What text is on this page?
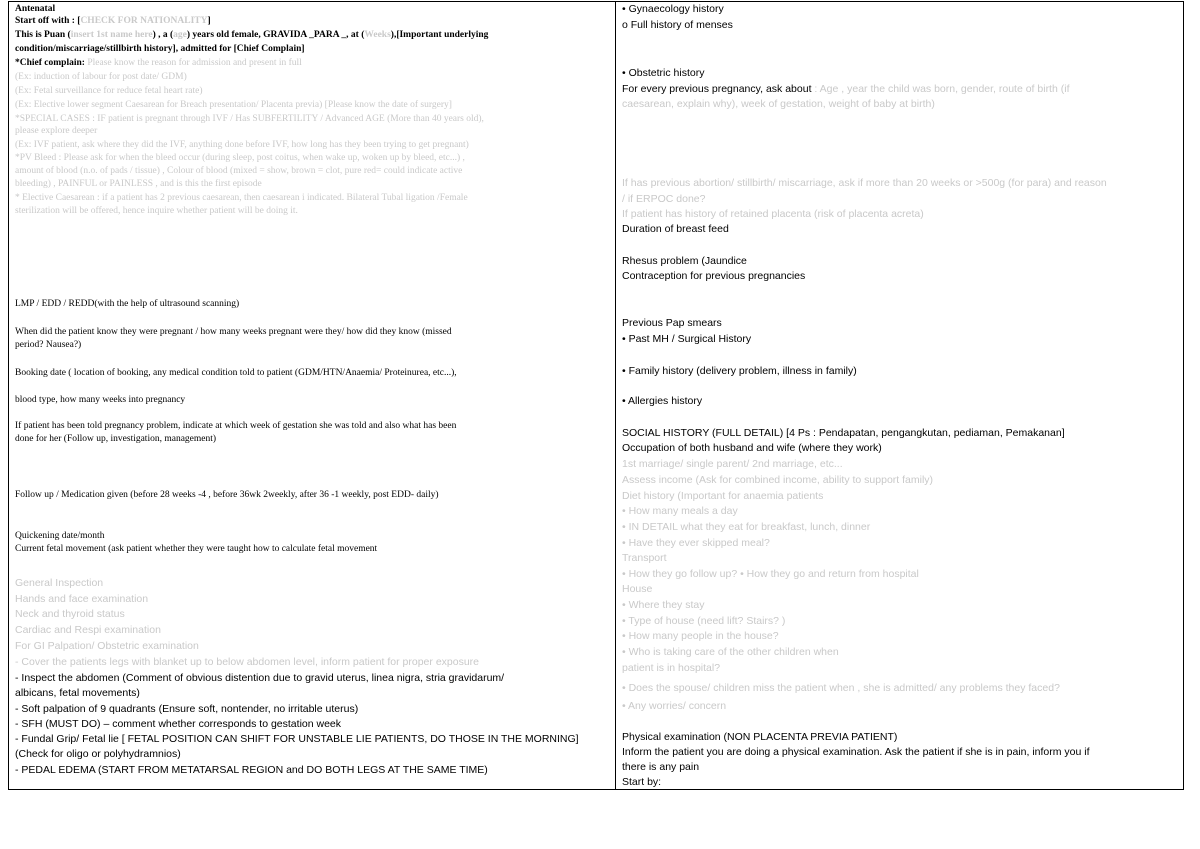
Antenatal
Start off with : [CHECK FOR NATIONALITY]
This is Puan (insert 1st name here) , a (age) years old female, GRAVIDA _PARA _, at (Weeks),[Important underlying
condition/miscarriage/stillbirth history], admitted for [Chief Complain]
*Chief complain: Please know the reason for admission and present in full
(Ex: induction of labour for post date/ GDM)
(Ex: Fetal surveillance for reduce fetal heart rate)
(Ex: Elective lower segment Caesarean for Breach presentation/ Placenta previa) [Please know the date of surgery]
*SPECIAL CASES : IF patient is pregnant through IVF / Has SUBFERTILITY / Advanced AGE (More than 40 years old),
please explore deeper
(Ex: IVF patient, ask where they did the IVF, anything done before IVF, how long has they been trying to get pregnant)
*PV Bleed : Please ask for when the bleed occur (during sleep, post coitus, when wake up, woken up by bleed, etc...) ,
amount of blood (n.o. of pads / tissue) , Colour of blood (mixed = show, brown = clot, pure red= could indicate active
bleeding) , PAINFUL or PAINLESS , and is this the first episode
* Elective Caesarean : if a patient has 2 previous caesarean, then caesarean i indicated. Bilateral Tubal ligation /Female
sterilization will be offered, hence inquire whether patient will be doing it.
LMP / EDD / REDD(with the help of ultrasound scanning)
When did the patient know they were pregnant / how many weeks pregnant were they/ how did they know (missed
period? Nausea?)
Booking date ( location of booking, any medical condition told to patient (GDM/HTN/Anaemia/ Proteinurea, etc...),
blood type, how many weeks into pregnancy
If patient has been told pregnancy problem, indicate at which week of gestation she was told and also what has been
done for her (Follow up, investigation, management)
Follow up / Medication given (before 28 weeks -4 , before 36wk 2weekly, after 36 -1 weekly, post EDD- daily)
Quickening date/month
Current fetal movement (ask patient whether they were taught how to calculate fetal movement
General Inspection
Hands and face examination
Neck and thyroid status
Cardiac and Respi examination
For GI Palpation/ Obstetric examination
- Cover the patients legs with blanket up to below abdomen level, inform patient for proper exposure
- Inspect the abdomen (Comment of obvious distention due to gravid uterus, linea nigra, stria gravidarum/
albicans, fetal movements)
- Soft palpation of 9 quadrants (Ensure soft, nontender, no irritable uterus)
- SFH (MUST DO) – comment whether corresponds to gestation week
- Fundal Grip/ Fetal lie [ FETAL POSITION CAN SHIFT FOR UNSTABLE LIE PATIENTS, DO THOSE IN THE MORNING]
(Check for oligo or polyhydramnios)
- PEDAL EDEMA (START FROM METATARSAL REGION and DO BOTH LEGS AT THE SAME TIME)
• Gynaecology history
o Full history of menses
• Obstetric history
For every previous pregnancy, ask about : Age , year the child was born, gender, route of birth (if
caesarean, explain why), week of gestation, weight of baby at birth)
If has previous abortion/ stillbirth/ miscarriage, ask if more than 20 weeks or >500g (for para) and reason
/ if ERPOC done?
If patient has history of retained placenta (risk of placenta acreta)
Duration of breast feed
Rhesus problem (Jaundice
Contraception for previous pregnancies
Previous Pap smears
• Past MH / Surgical History
• Family history (delivery problem, illness in family)
• Allergies history
SOCIAL HISTORY (FULL DETAIL) [4 Ps : Pendapatan, pengangkutan, pediaman, Pemakanan]
Occupation of both husband and wife (where they work)
1st marriage/ single parent/ 2nd marriage, etc...
Assess income (Ask for combined income, ability to support family)
Diet history (Important for anaemia patients
• How many meals a day
• IN DETAIL what they eat for breakfast, lunch, dinner
• Have they ever skipped meal?
Transport
• How they go follow up? • How they go and return from hospital
House
• Where they stay
• Type of house (need lift? Stairs? )
• How many people in the house?
• Who is taking care of the other children when
patient is in hospital?
• Does the spouse/ children miss the patient when , she is admitted/ any problems they faced?
• Any worries/ concern
Physical examination (NON PLACENTA PREVIA PATIENT)
Inform the patient you are doing a physical examination. Ask the patient if she is in pain, inform you if
there is any pain
Start by:
